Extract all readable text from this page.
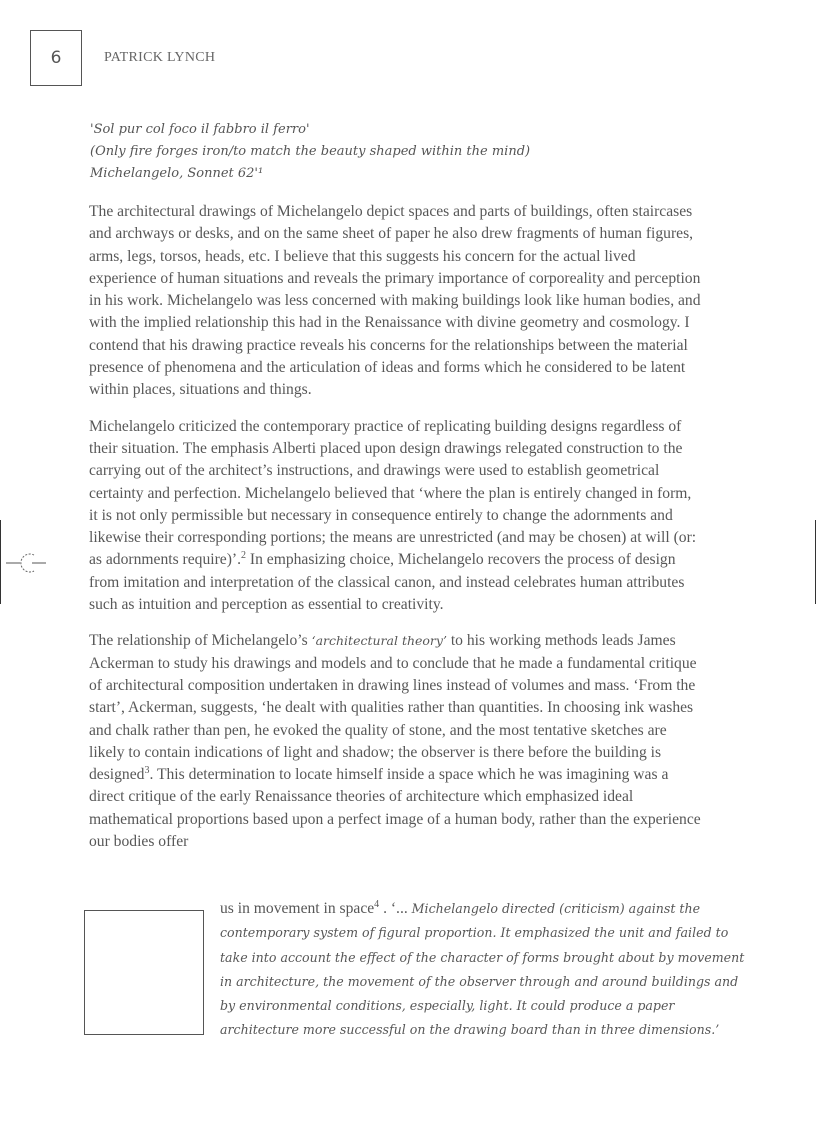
6	PATRICK LYNCH
'Sol pur col foco il fabbro il ferro'
(Only fire forges iron/to match the beauty shaped within the mind)
Michelangelo, Sonnet 62'¹

The architectural drawings of Michelangelo depict spaces and parts of buildings, often staircases and archways or desks, and on the same sheet of paper he also drew fragments of human figures, arms, legs, torsos, heads, etc. I believe that this suggests his concern for the actual lived experience of human situations and reveals the primary importance of corporeality and perception in his work. Michelangelo was less concerned with making buildings look like human bodies, and with the implied relationship this had in the Renaissance with divine geometry and cosmology. I contend that his drawing practice reveals his concerns for the relationships between the material presence of phenomena and the articulation of ideas and forms which he considered to be latent within places, situations and things.

Michelangelo criticized the contemporary practice of replicating building designs regardless of their situation. The emphasis Alberti placed upon design drawings relegated construction to the carrying out of the architect’s instructions, and drawings were used to establish geometrical certainty and perfection. Michelangelo believed that ‘where the plan is entirely changed in form, it is not only permissible but necessary in consequence entirely to change the adornments and likewise their corresponding portions; the means are unrestricted (and may be chosen) at will (or: as adornments require)’.$^2$ In emphasizing choice, Michelangelo recovers the process of design from imitation and interpretation of the classical canon, and instead celebrates human attributes such as intuition and perception as essential to creativity.

The relationship of Michelangelo’s ‘architectural theory’ to his working methods leads James Ackerman to study his drawings and models and to conclude that he made a fundamental critique of architectural composition undertaken in drawing lines instead of volumes and mass. ‘From the start’, Ackerman, suggests, ‘he dealt with qualities rather than quantities. In choosing ink washes and chalk rather than pen, he evoked the quality of stone, and the most tentative sketches are likely to contain indications of light and shadow; the observer is there before the building is designed$^3$. This determination to locate himself inside a space which he was imagining was a direct critique of the early Renaissance theories of architecture which emphasized ideal mathematical proportions based upon a perfect image of a human body, rather than the experience our bodies offer

us in movement in space$^4$ . ‘... Michelangelo directed (criticism) against the
contemporary system of figural proportion. It emphasized the unit and failed to
take into account the effect of the character of forms brought about by movement
in architecture, the movement of the observer through and around buildings and
by environmental conditions, especially, light. It could produce a paper
architecture more successful on the drawing board than in three dimensions.’
